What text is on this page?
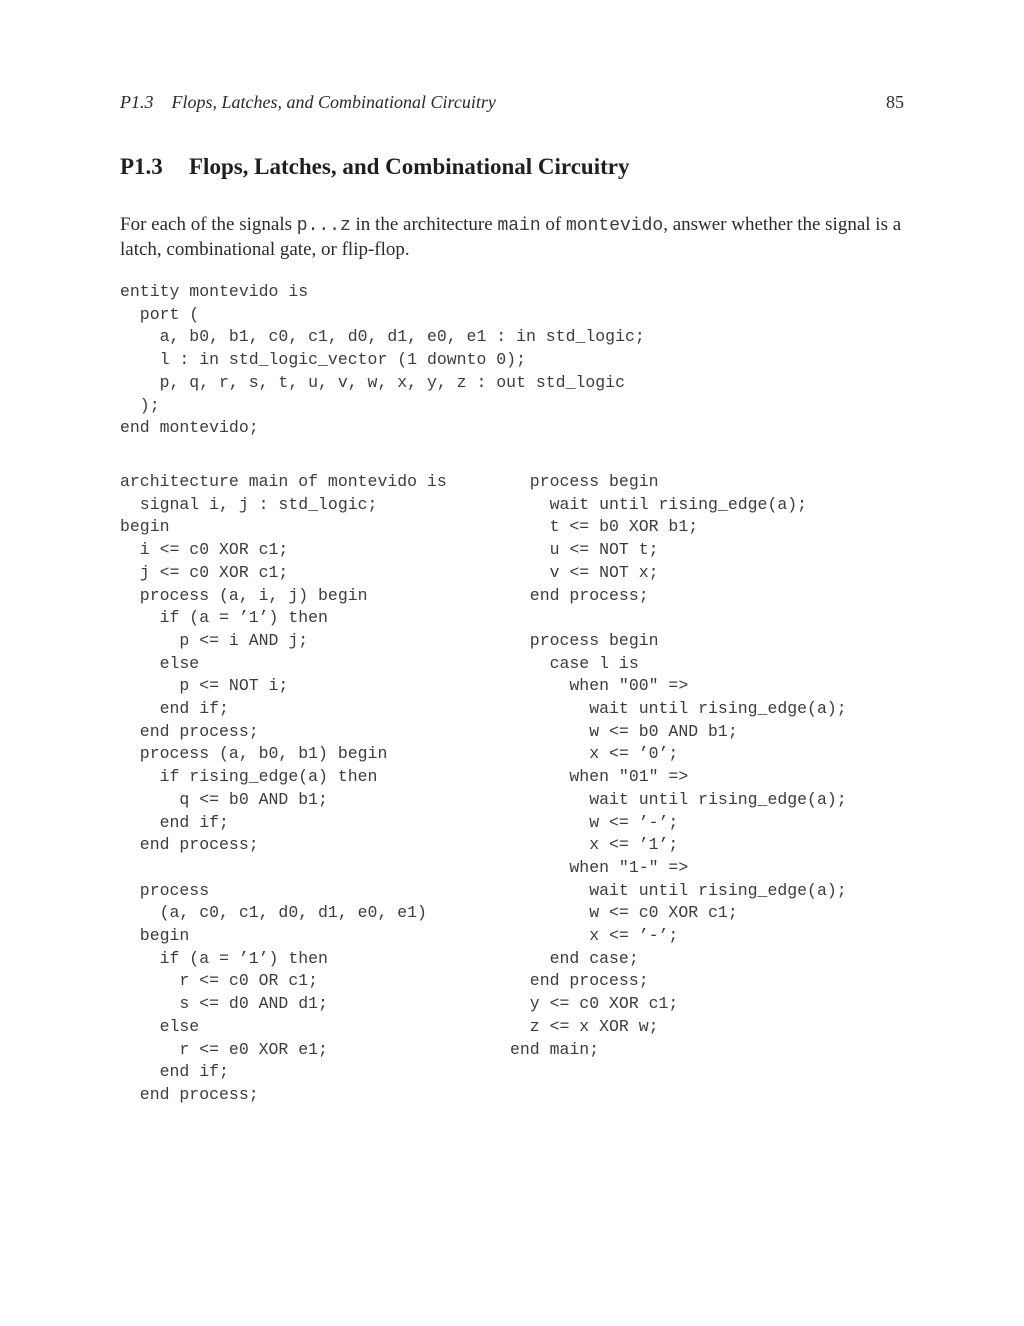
P1.3    Flops, Latches, and Combinational Circuitry	85
P1.3 Flops, Latches, and Combinational Circuitry

For each of the signals p...z in the architecture main of montevido, answer whether the signal is a latch, combinational gate, or flip-flop.

entity montevido is
port (
a, b0, b1, c0, c1, d0, d1, e0, e1 : in std_logic;
l : in std_logic_vector (1 downto 0);
p, q, r, s, t, u, v, w, x, y, z : out std_logic
);
end montevido;
architecture main of montevido is
signal i, j : std_logic;
begin
i <= c0 XOR c1;
j <= c0 XOR c1;
process (a, i, j) begin
if (a = ’1’) then
p <= i AND j;
else
p <= NOT i;
end if;
end process;
process (a, b0, b1) begin
if rising_edge(a) then
q <= b0 AND b1;
end if;
end process;

process
(a, c0, c1, d0, d1, e0, e1)
begin
if (a = ’1’) then
r <= c0 OR c1;
s <= d0 AND d1;
else
r <= e0 XOR e1;
end if;
end process;
process begin
wait until rising_edge(a);
t <= b0 XOR b1;
u <= NOT t;
v <= NOT x;
end process;

process begin
case l is
when "00" =>
wait until rising_edge(a);
w <= b0 AND b1;
x <= ’0’;
when "01" =>
wait until rising_edge(a);
w <= ’-’;
x <= ’1’;
when "1-" =>
wait until rising_edge(a);
w <= c0 XOR c1;
x <= ’-’;
end case;
end process;
y <= c0 XOR c1;
z <= x XOR w;
end main;
